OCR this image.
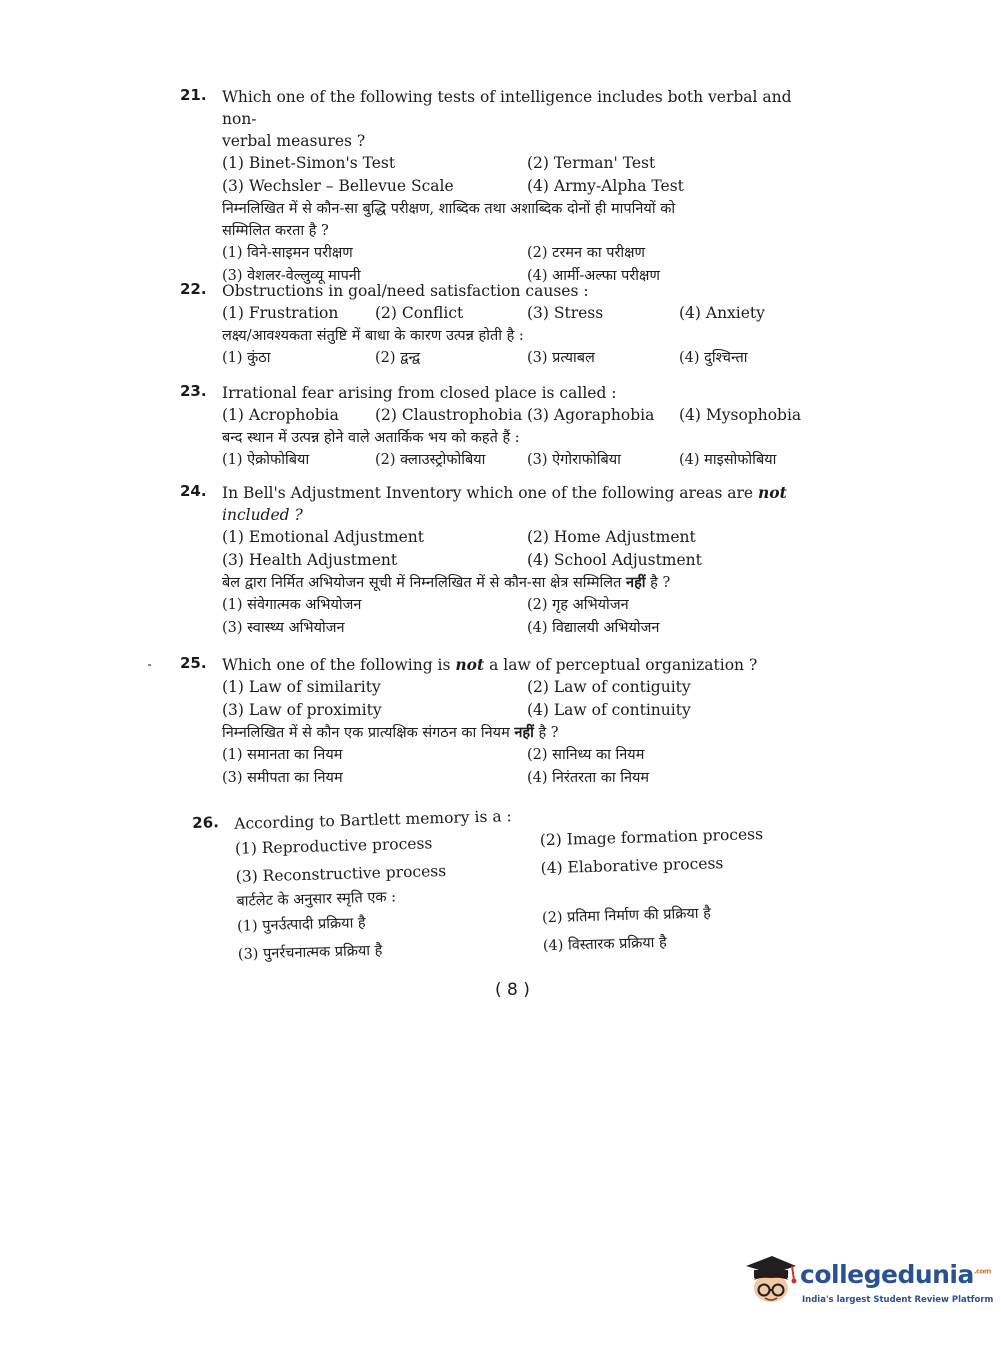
21. Which one of the following tests of intelligence includes both verbal and non-
verbal measures ?
(1) Binet-Simon's Test	(2) Terman' Test
(3) Wechsler – Bellevue Scale	(4) Army-Alpha Test
निम्नलिखित में से कौन-सा बुद्धि परीक्षण, शाब्दिक तथा अशाब्दिक दोनों ही मापनियों को
सम्मिलित करता है ?
(1) विने-साइमन परीक्षण	(2) टरमन का परीक्षण
(3) वेशलर-वेल्लुव्यू मापनी	(4) आर्मी-अल्फा परीक्षण
22. Obstructions in goal/need satisfaction causes :
(1) Frustration	(2) Conflict	(3) Stress	(4) Anxiety
लक्ष्य/आवश्यकता संतुष्टि में बाधा के कारण उत्पन्न होती है :
(1) कुंठा	(2) द्वन्द्व	(3) प्रत्याबल	(4) दुश्चिन्ता
23. Irrational fear arising from closed place is called :
(1) Acrophobia	(2) Claustrophobia (3) Agoraphobia	(4) Mysophobia
बन्द स्थान में उत्पन्न होने वाले अतार्किक भय को कहते हैं :
(1) ऐक्रोफोबिया	(2) क्लाउस्ट्रोफोबिया	(3) ऐगोराफोबिया	(4) माइसोफोबिया
24. In Bell's Adjustment Inventory which one of the following areas are not
included ?
(1) Emotional Adjustment	(2) Home Adjustment
(3) Health Adjustment	(4) School Adjustment
बेल द्वारा निर्मित अभियोजन सूची में निम्नलिखित में से कौन-सा क्षेत्र सम्मिलित नहीं है ?
(1) संवेगात्मक अभियोजन	(2) गृह अभियोजन
(3) स्वास्थ्य अभियोजन	(4) विद्यालयी अभियोजन
25. Which one of the following is not a law of perceptual organization ?
(1) Law of similarity	(2) Law of contiguity
(3) Law of proximity	(4) Law of continuity
निम्नलिखित में से कौन एक प्रात्यक्षिक संगठन का नियम नहीं है ?
(1) समानता का नियम	(2) सानिध्य का नियम
(3) समीपता का नियम	(4) निरंतरता का नियम
26. According to Bartlett memory is a :
(1) Reproductive process	(2) Image formation process
(3) Reconstructive process	(4) Elaborative process
बार्टलेट के अनुसार स्मृति एक :
(1) पुनर्उत्पादी प्रक्रिया है	(2) प्रतिमा निर्माण की प्रक्रिया है
(3) पुनर्रचनात्मक प्रक्रिया है	(4) विस्तारक प्रक्रिया है
( 8 )
collegedunia$^{.com}$
India's largest Student Review Platform
